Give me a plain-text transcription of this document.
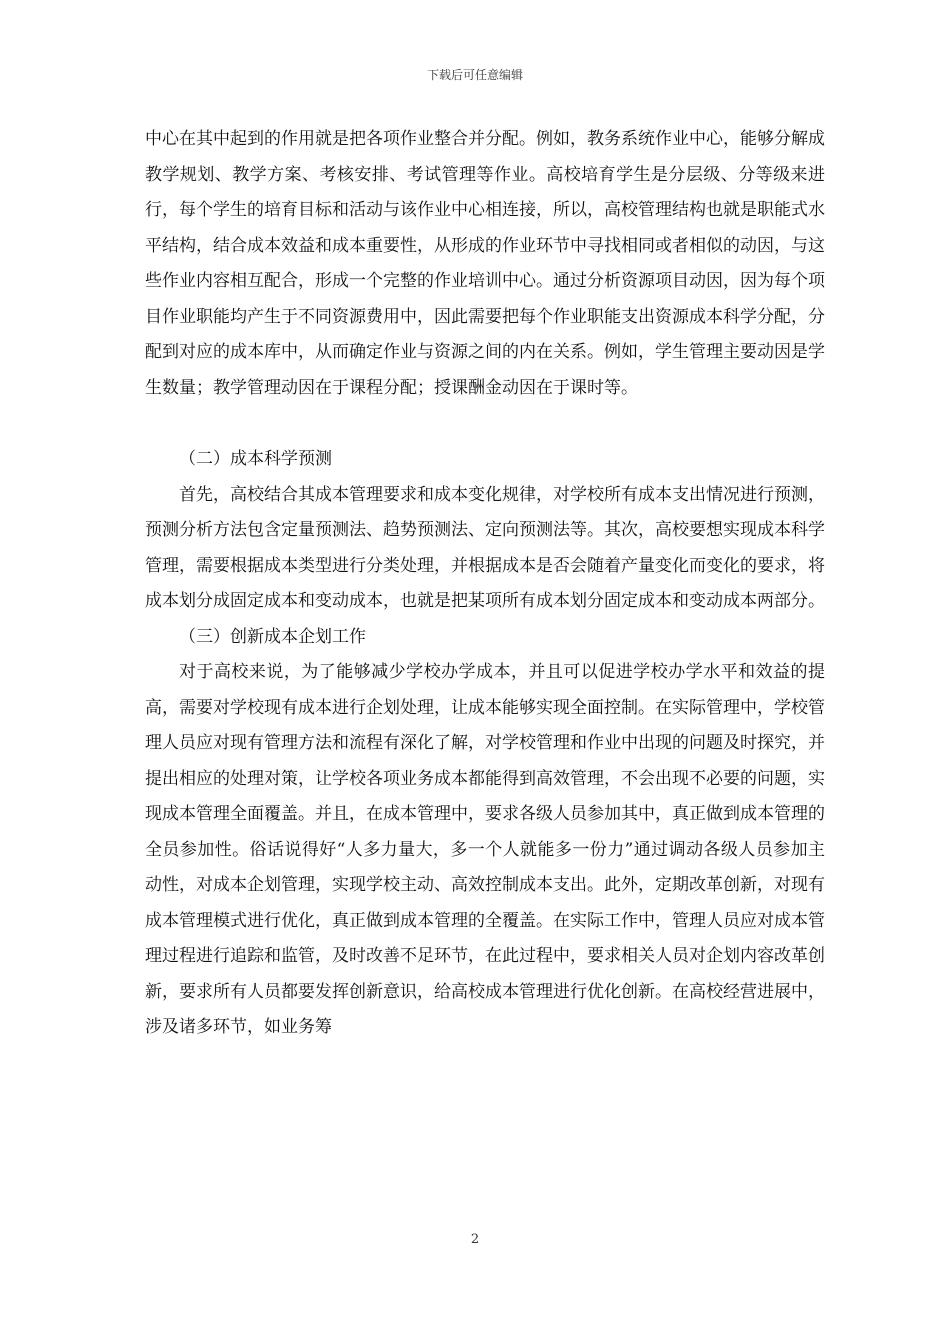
下载后可任意编辑

中心在其中起到的作用就是把各项作业整合并分配。例如，教务系统作业中心，能够分解成教学规划、教学方案、考核安排、考试管理等作业。高校培育学生是分层级、分等级来进行，每个学生的培育目标和活动与该作业中心相连接，所以，高校管理结构也就是职能式水平结构，结合成本效益和成本重要性，从形成的作业环节中寻找相同或者相似的动因，与这些作业内容相互配合，形成一个完整的作业培训中心。通过分析资源项目动因，因为每个项目作业职能均产生于不同资源费用中，因此需要把每个作业职能支出资源成本科学分配，分配到对应的成本库中，从而确定作业与资源之间的内在关系。例如，学生管理主要动因是学生数量；教学管理动因在于课程分配；授课酬金动因在于课时等。

（二）成本科学预测

首先，高校结合其成本管理要求和成本变化规律，对学校所有成本支出情况进行预测，预测分析方法包含定量预测法、趋势预测法、定向预测法等。其次，高校要想实现成本科学管理，需要根据成本类型进行分类处理，并根据成本是否会随着产量变化而变化的要求，将成本划分成固定成本和变动成本，也就是把某项所有成本划分固定成本和变动成本两部分。

（三）创新成本企划工作

对于高校来说，为了能够减少学校办学成本，并且可以促进学校办学水平和效益的提高，需要对学校现有成本进行企划处理，让成本能够实现全面控制。在实际管理中，学校管理人员应对现有管理方法和流程有深化了解，对学校管理和作业中出现的问题及时探究，并提出相应的处理对策，让学校各项业务成本都能得到高效管理，不会出现不必要的问题，实现成本管理全面覆盖。并且，在成本管理中，要求各级人员参加其中，真正做到成本管理的全员参加性。俗话说得好“人多力量大，多一个人就能多一份力”通过调动各级人员参加主动性，对成本企划管理，实现学校主动、高效控制成本支出。此外，定期改革创新，对现有成本管理模式进行优化，真正做到成本管理的全覆盖。在实际工作中，管理人员应对成本管理过程进行追踪和监管，及时改善不足环节，在此过程中，要求相关人员对企划内容改革创新，要求所有人员都要发挥创新意识，给高校成本管理进行优化创新。在高校经营进展中，涉及诸多环节，如业务筹

2
